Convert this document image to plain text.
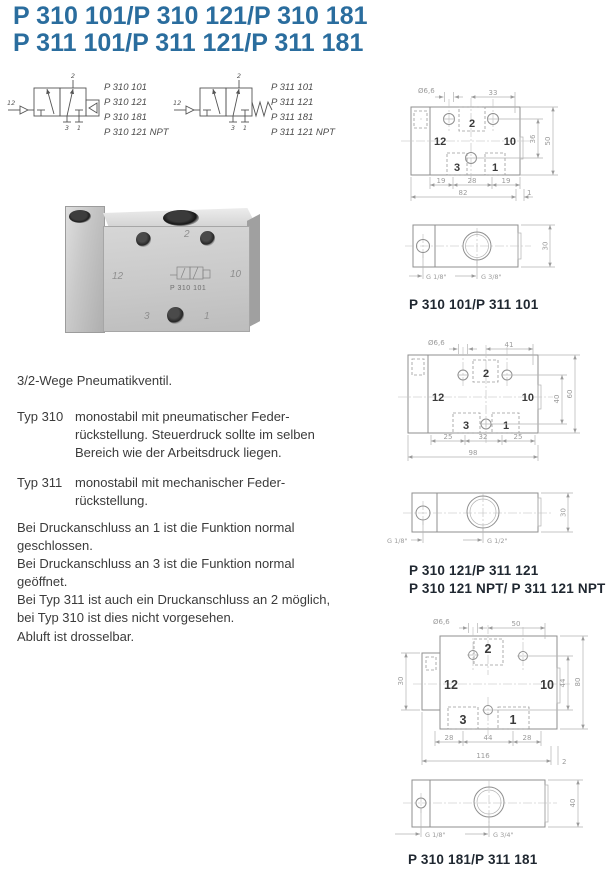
P 310 101/P 310 121/P 310 181
P 311 101/P 311 121/P 311 181
12
2
3 1
P 310 101
P 310 121
P 310 181
P 310 121 NPT
12
2
3 1
P 311 101
P 311 121
P 311 181
P 311 121 NPT
2
12	10
3	1
P 310 101
3/2-Wege Pneumatikventil.
Typ 310 monostabil mit pneumatischer Feder-
rückstellung. Steuerdruck sollte im selben
Bereich wie der Arbeitsdruck liegen.
Typ 311 monostabil mit mechanischer Feder-
rückstellung.
Bei Druckanschluss an 1 ist die Funktion normal
geschlossen.
Bei Druckanschluss an 3 ist die Funktion normal
geöffnet.
Bei Typ 311 ist auch ein Druckanschluss an 2 möglich,
bei Typ 310 ist dies nicht vorgesehen.
Abluft ist drosselbar.
2
12	10
3	1
Ø6,6	33
36 50
19	28	19
82	1
30
G 1/8"	G 3/8"
P 310 101/P 311 101
2
12	10
3	1
Ø6,6	41
40
60
25	32	25
98
30
G 1/8"	G 1/2"
P 310 121/P 311 121
P 310 121 NPT/ P 311 121 NPT
2
12	10
3	1
30
Ø6,6	50
44 80
28	44	28
116
2
40
G 1/8"	G 3/4"
P 310 181/P 311 181
